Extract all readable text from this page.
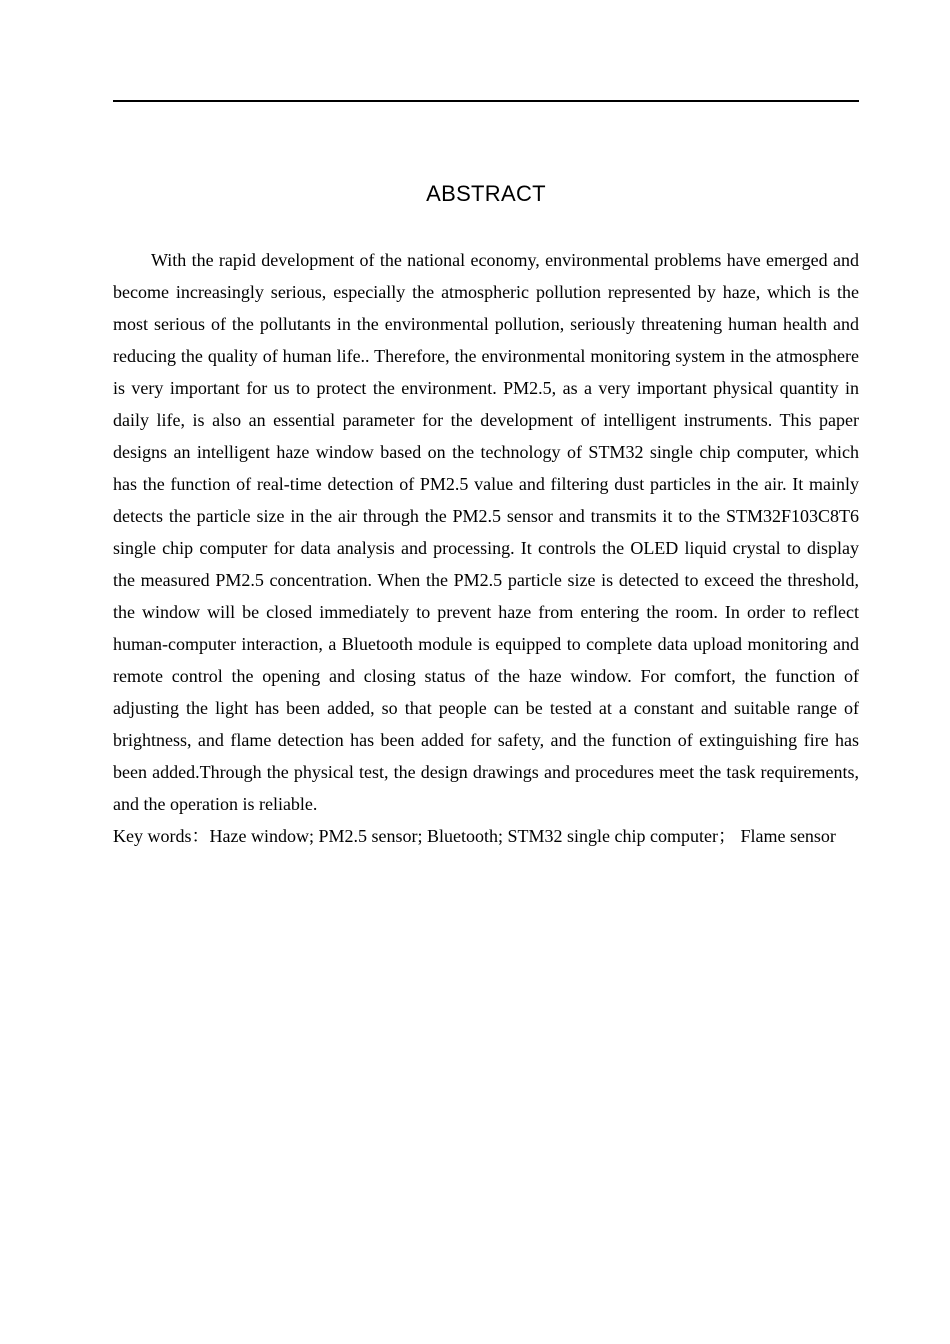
ABSTRACT

With the rapid development of the national economy, environmental problems have emerged and become increasingly serious, especially the atmospheric pollution represented by haze, which is the most serious of the pollutants in the environmental pollution, seriously threatening human health and reducing the quality of human life.. Therefore, the environmental monitoring system in the atmosphere is very important for us to protect the environment. PM2.5, as a very important physical quantity in daily life, is also an essential parameter for the development of intelligent instruments. This paper designs an intelligent haze window based on the technology of STM32 single chip computer, which has the function of real-time detection of PM2.5 value and filtering dust particles in the air. It mainly detects the particle size in the air through the PM2.5 sensor and transmits it to the STM32F103C8T6 single chip computer for data analysis and processing. It controls the OLED liquid crystal to display the measured PM2.5 concentration. When the PM2.5 particle size is detected to exceed the threshold, the window will be closed immediately to prevent haze from entering the room. In order to reflect human-computer interaction, a Bluetooth module is equipped to complete data upload monitoring and remote control the opening and closing status of the haze window. For comfort, the function of adjusting the light has been added, so that people can be tested at a constant and suitable range of brightness, and flame detection has been added for safety, and the function of extinguishing fire has been added.Through the physical test, the design drawings and procedures meet the task requirements, and the operation is reliable.

Key words：Haze window; PM2.5 sensor; Bluetooth; STM32 single chip computer； Flame sensor
